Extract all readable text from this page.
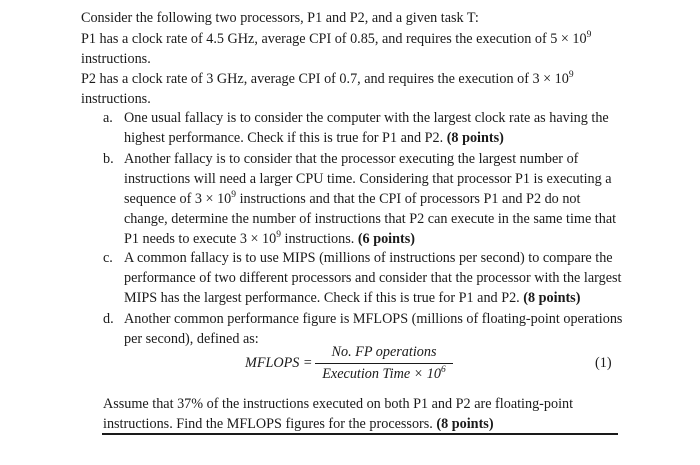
Consider the following two processors, P1 and P2, and a given task T:

P1 has a clock rate of 4.5 GHz, average CPI of 0.85, and requires the execution of $5 \times 10^9$ instructions.

P2 has a clock rate of 3 GHz, average CPI of 0.7, and requires the execution of $3 \times 10^9$ instructions.

a. One usual fallacy is to consider the computer with the largest clock rate as having the highest performance. Check if this is true for P1 and P2. (8 points)
b. Another fallacy is to consider that the processor executing the largest number of instructions will need a larger CPU time. Considering that processor P1 is executing a sequence of $3 \times 10^9$ instructions and that the CPI of processors P1 and P2 do not change, determine the number of instructions that P2 can execute in the same time that P1 needs to execute $3 \times 10^9$ instructions. (6 points)
c. A common fallacy is to use MIPS (millions of instructions per second) to compare the performance of two different processors and consider that the processor with the largest MIPS has the largest performance. Check if this is true for P1 and P2. (8 points)
d. Another common performance figure is MFLOPS (millions of floating-point operations per second), defined as:
MFLOPS =
No. FP operations
Execution Time × $10^6$	(1)

Assume that 37% of the instructions executed on both P1 and P2 are floating-point instructions. Find the MFLOPS figures for the processors. (8 points)
